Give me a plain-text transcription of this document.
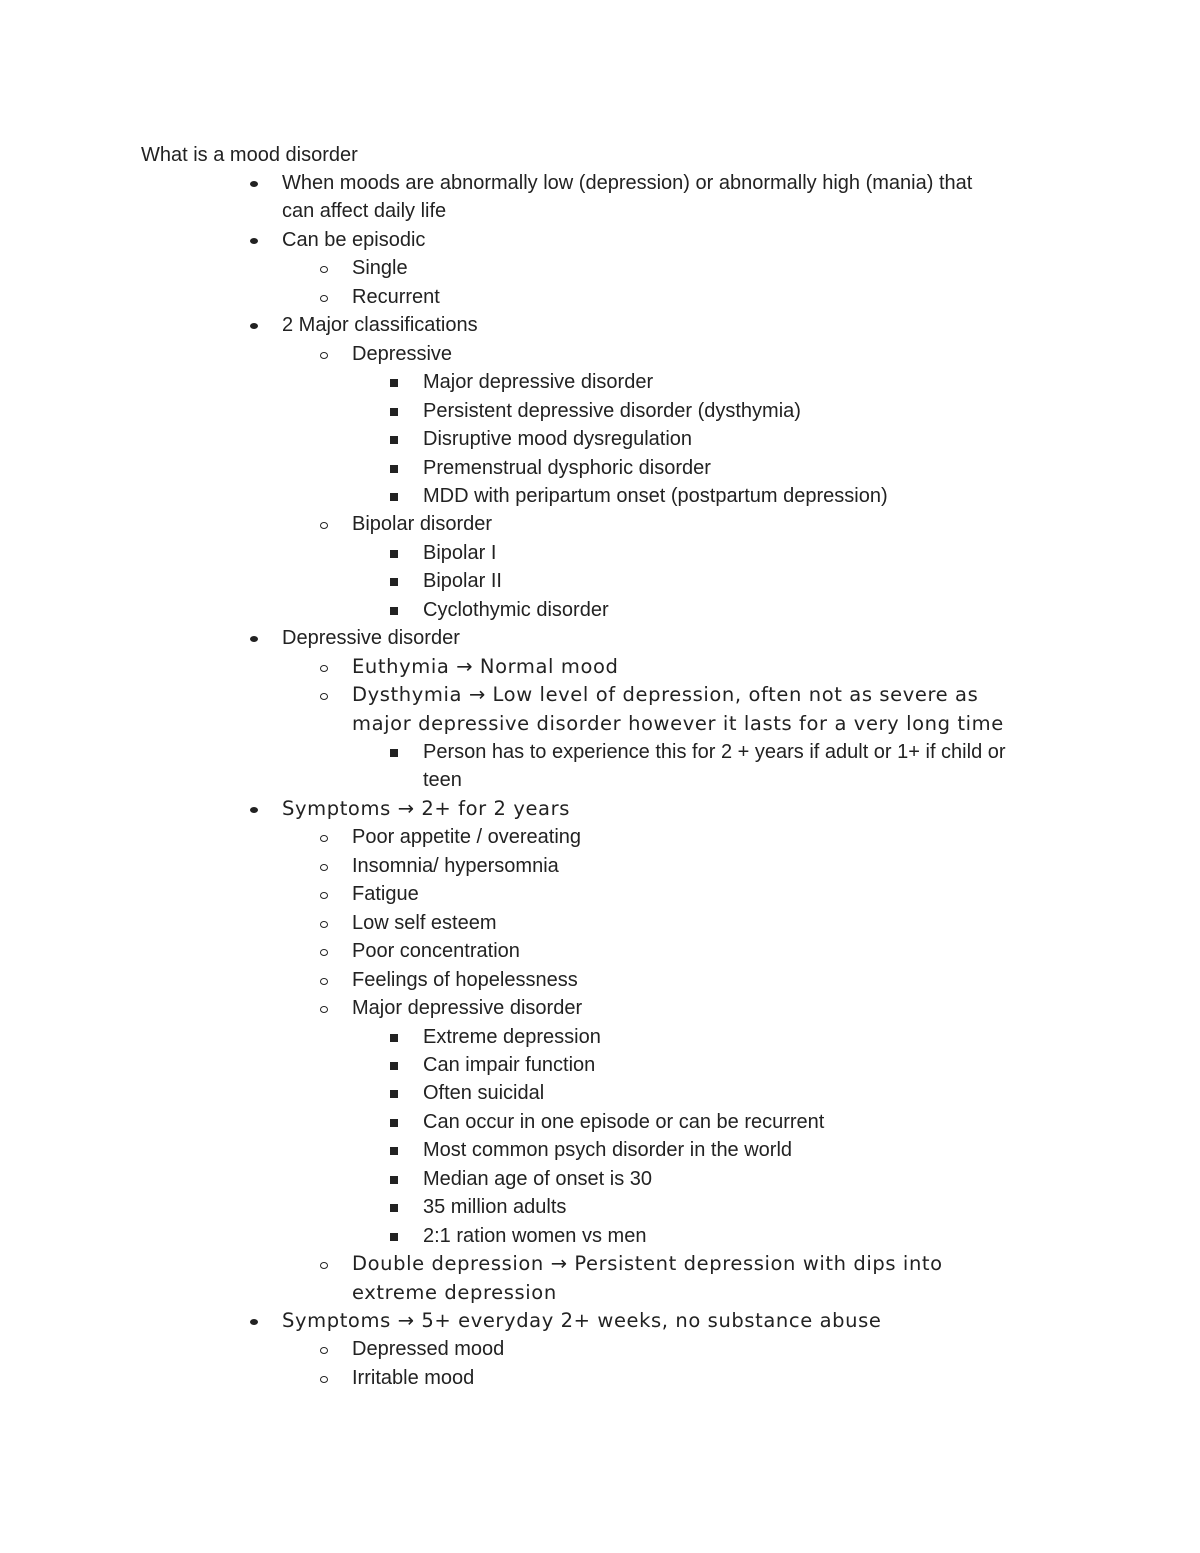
What is a mood disorder
When moods are abnormally low (depression) or abnormally high (mania) that
can affect daily life
Can be episodic
Single
Recurrent
2 Major classifications
Depressive
Major depressive disorder
Persistent depressive disorder (dysthymia)
Disruptive mood dysregulation
Premenstrual dysphoric disorder
MDD with peripartum onset (postpartum depression)
Bipolar disorder
Bipolar I
Bipolar II
Cyclothymic disorder
Depressive disorder
Euthymia → Normal mood
Dysthymia → Low level of depression, often not as severe as
major depressive disorder however it lasts for a very long time
Person has to experience this for 2 + years if adult or 1+ if child or
teen
Symptoms → 2+ for 2 years
Poor appetite / overeating
Insomnia/ hypersomnia
Fatigue
Low self esteem
Poor concentration
Feelings of hopelessness
Major depressive disorder
Extreme depression
Can impair function
Often suicidal
Can occur in one episode or can be recurrent
Most common psych disorder in the world
Median age of onset is 30
35 million adults
2:1 ration women vs men
Double depression → Persistent depression with dips into
extreme depression
Symptoms → 5+ everyday 2+ weeks, no substance abuse
Depressed mood
Irritable mood
